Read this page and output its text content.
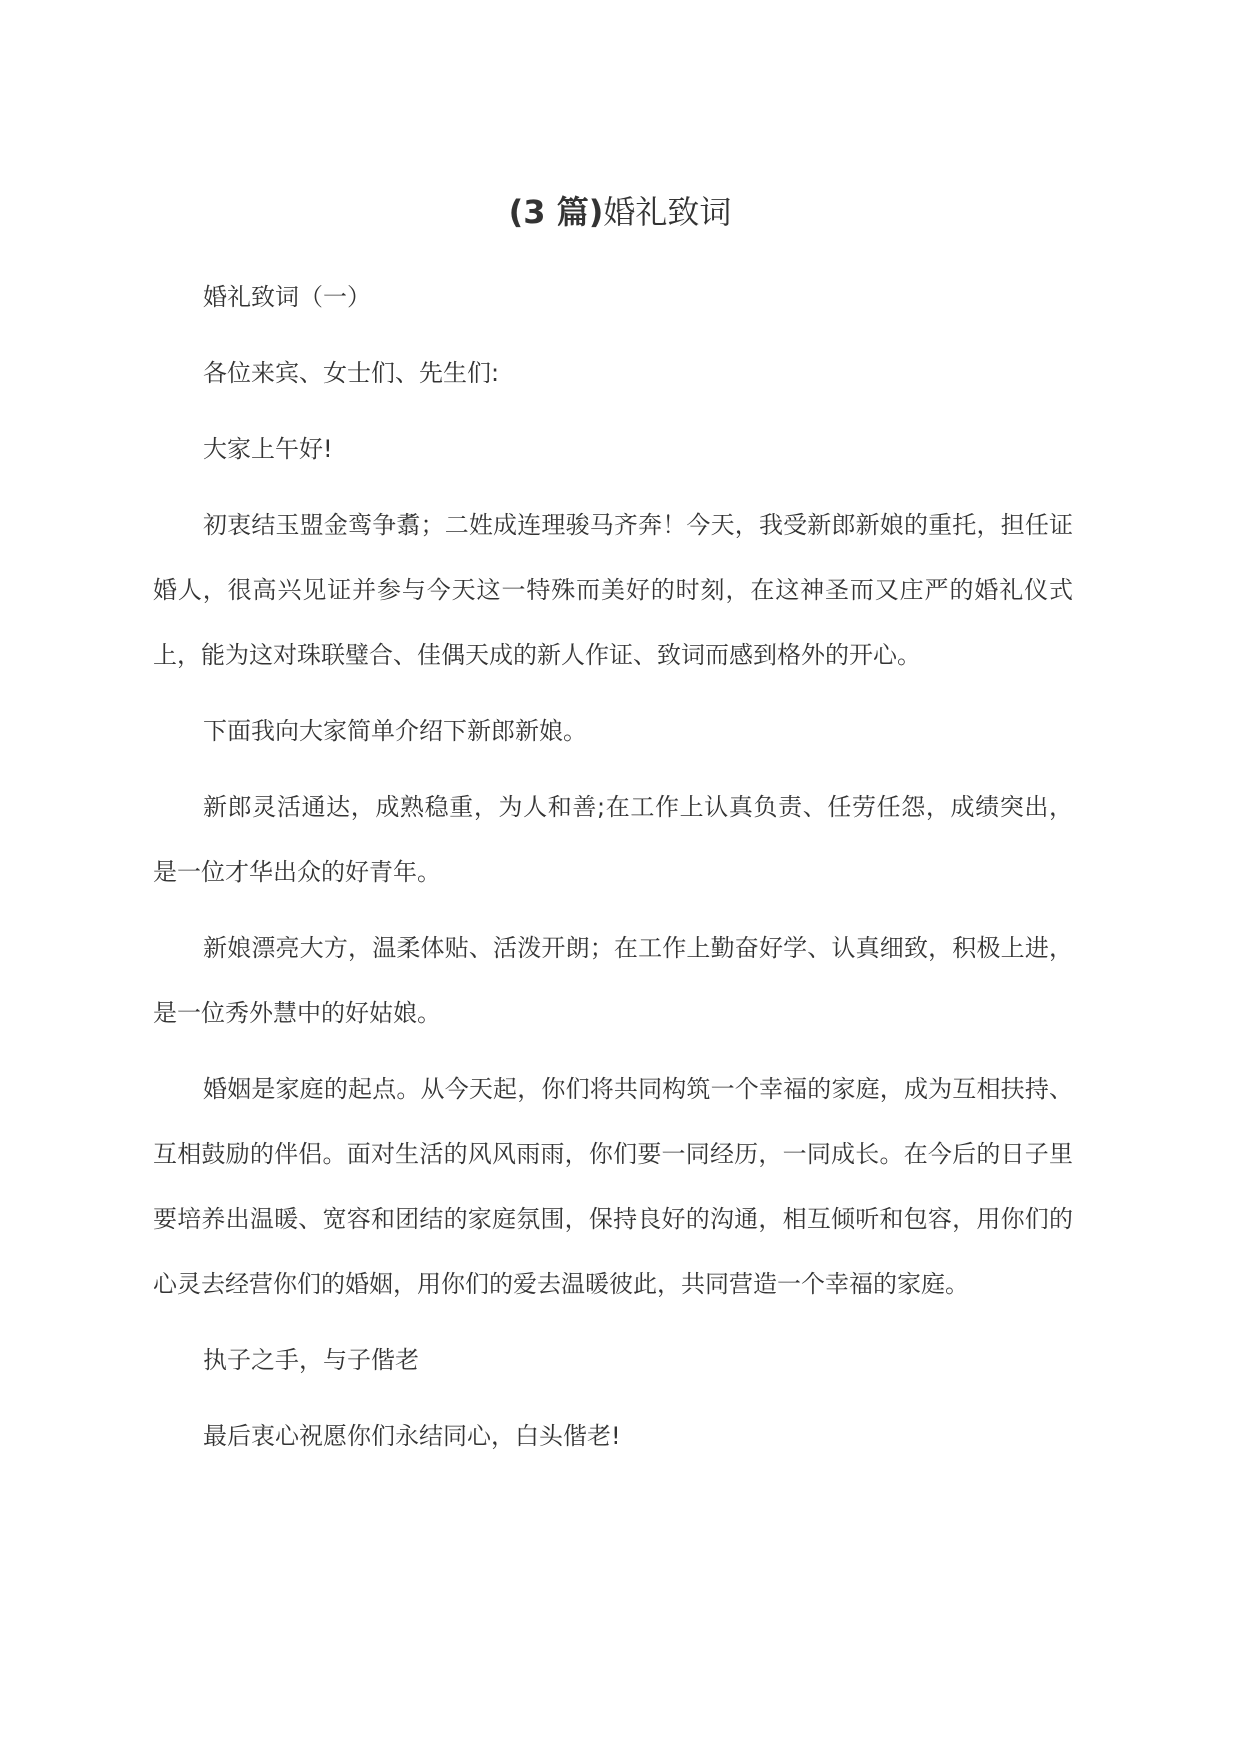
(3 篇)婚礼致词

婚礼致词（一）

各位来宾、女士们、先生们:

大家上午好!

初衷结玉盟金鸾争翥；二姓成连理骏马齐奔！今天，我受新郎新娘的重托，担任证婚人，很高兴见证并参与今天这一特殊而美好的时刻，在这神圣而又庄严的婚礼仪式上，能为这对珠联璧合、佳偶天成的新人作证、致词而感到格外的开心。

下面我向大家简单介绍下新郎新娘。

新郎灵活通达，成熟稳重，为人和善;在工作上认真负责、任劳任怨，成绩突出，是一位才华出众的好青年。

新娘漂亮大方，温柔体贴、活泼开朗；在工作上勤奋好学、认真细致，积极上进，是一位秀外慧中的好姑娘。

婚姻是家庭的起点。从今天起，你们将共同构筑一个幸福的家庭，成为互相扶持、互相鼓励的伴侣。面对生活的风风雨雨，你们要一同经历，一同成长。在今后的日子里要培养出温暖、宽容和团结的家庭氛围，保持良好的沟通，相互倾听和包容，用你们的心灵去经营你们的婚姻，用你们的爱去温暖彼此，共同营造一个幸福的家庭。

执子之手，与子偕老

最后衷心祝愿你们永结同心，白头偕老!
